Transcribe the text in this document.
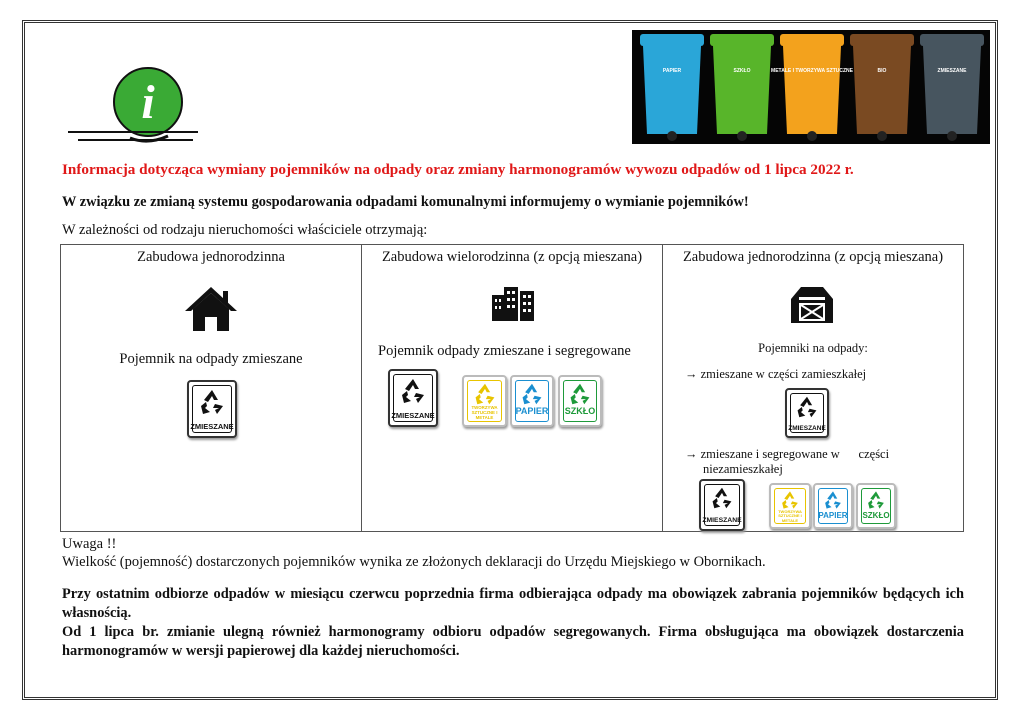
i
PAPIER	SZKŁO	METALE I TWORZYWA SZTUCZNE	BIO	ZMIESZANE
Informacja dotycząca wymiany pojemników na odpady oraz zmiany harmonogramów wywozu odpadów od 1 lipca 2022 r.
W związku ze zmianą systemu gospodarowania odpadami komunalnymi informujemy o wymianie pojemników!
W zależności od rodzaju nieruchomości właściciele otrzymają:
Zabudowa jednorodzinna
Pojemnik na odpady zmieszane
ZMIESZANE
Zabudowa wielorodzinna (z opcją mieszana)
Pojemnik odpady zmieszane i segregowane
ZMIESZANE
TWORZYWA SZTUCZNE I METALE
PAPIER	SZKŁO
Zabudowa jednorodzinna (z opcją mieszana)
Pojemniki na odpady:
→ zmieszane w części zamieszkałej
ZMIESZANE
→ zmieszane i segregowane w      części
niezamieszkałej
ZMIESZANE
TWORZYWA SZTUCZNE I METALE	PAPIER	SZKŁO
Uwaga !!
Wielkość (pojemność) dostarczonych pojemników wynika ze złożonych deklaracji do Urzędu Miejskiego w Obornikach.

Przy ostatnim odbiorze odpadów w miesiącu czerwcu poprzednia firma odbierająca odpady ma obowiązek zabrania pojemników będących ich własnością.

Od 1 lipca br. zmianie ulegną również harmonogramy odbioru odpadów segregowanych. Firma obsługująca ma obowiązek dostarczenia harmonogramów w wersji papierowej dla każdej nieruchomości.
